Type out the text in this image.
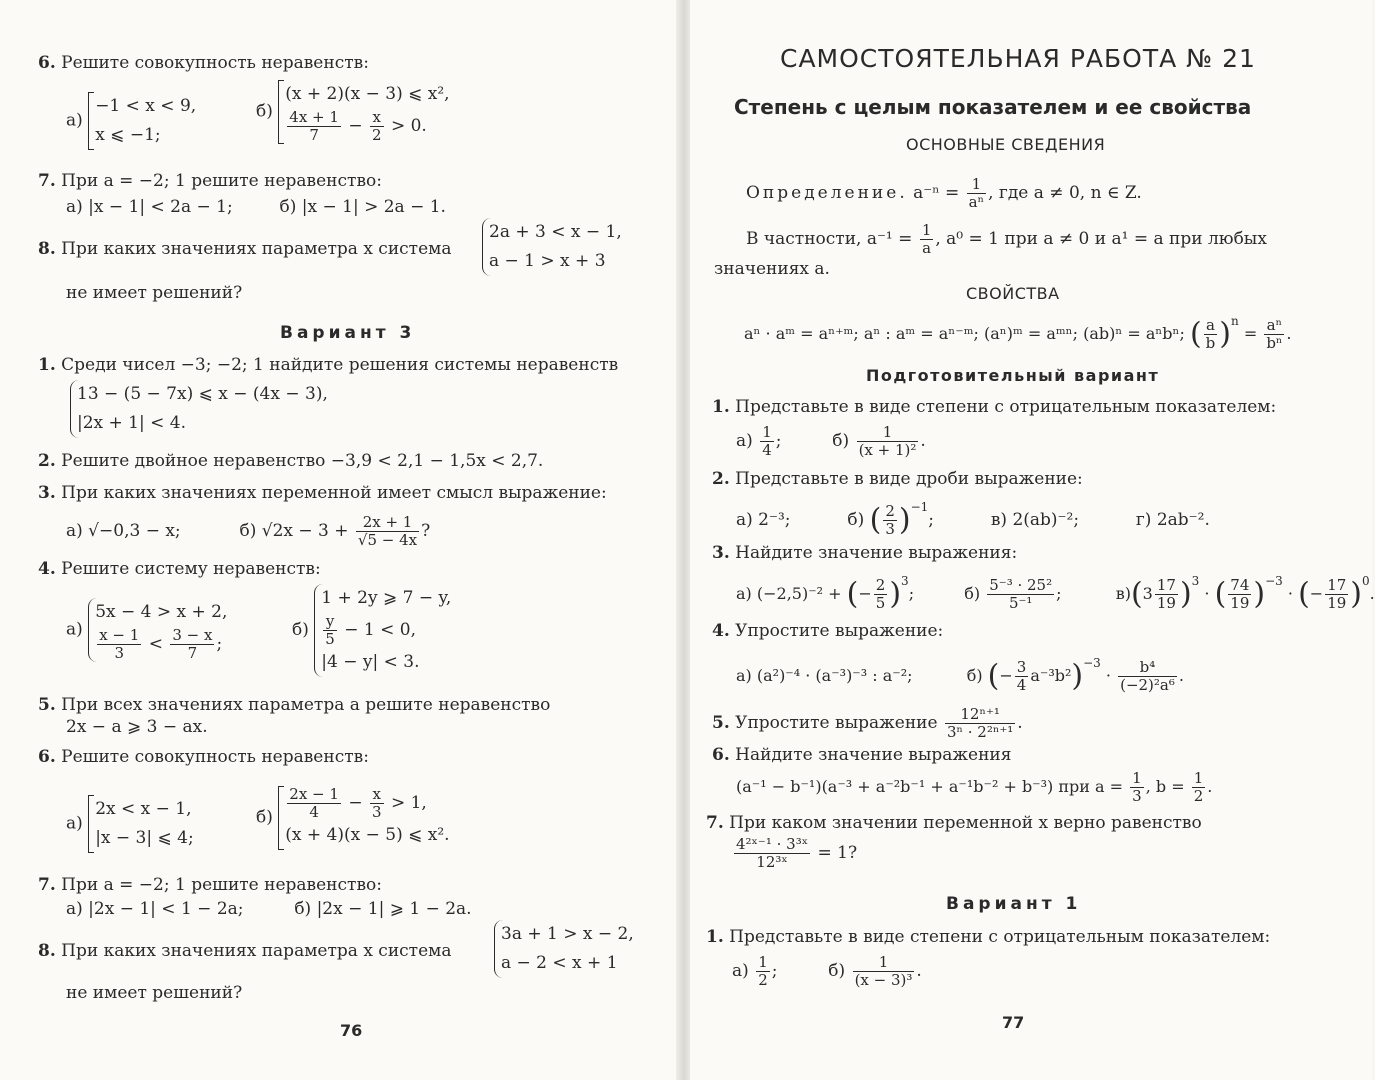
6. Решите совокупность неравенств:
а)
−1 < x < 9,
x ⩽ −1;
б)
(x + 2)(x − 3) ⩽ x²,
$\frac{4x + 1}{7} - \frac{x}{2} > 0$.
7. При a = −2; 1 решите неравенство:
а) |x − 1| < 2a − 1;	б) |x − 1| > 2a − 1.
8. При каких значениях параметра x система
2a + 3 < x − 1,
a − 1 > x + 3
не имеет решений?
Вариант 3
1. Среди чисел −3; −2; 1 найдите решения системы неравенств
13 − (5 − 7x) ⩽ x − (4x − 3),
|2x + 1| < 4.
2. Решите двойное неравенство −3,9 < 2,1 − 1,5x < 2,7.
3. При каких значениях переменной имеет смысл выражение:
а) √−0,3 − x;	б) $√2x - 3 + \frac{2x + 1}{√5 - 4x}$ ?
4. Решите систему неравенств:
а)
5x − 4 > x + 2,
$\frac{x - 1}{3} < \frac{3 - x}{7}$ ;
б)
1 + 2y ⩾ 7 − y,
$\frac{y}{5} - 1 < 0$,
|4 − y| < 3.
5. При всех значениях параметра a решите неравенство
2x − a ⩾ 3 − ax.
6. Решите совокупность неравенств:
а)
2x < x − 1,
|x − 3| ⩽ 4;
$б) \frac{2x - 1}{4} - \frac{x}{3} > 1$,
(x + 4)(x − 5) ⩽ x².
7. При a = −2; 1 решите неравенство:
а) |2x − 1| < 1 − 2a;	б) |2x − 1| ⩾ 1 − 2a.
8. При каких значениях параметра x система
3a + 1 > x − 2,
a − 2 < x + 1
не имеет решений?
76
САМОСТОЯТЕЛЬНАЯ РАБОТА № 21
Степень с целым показателем и ее свойства
ОСНОВНЫЕ СВЕДЕНИЯ
Определение. $a^{-n} = \frac{1}{\text{aⁿ}}$ , где a ≠ 0, n ∈ Z.
В частности, $a^{-1} = \frac{1}{a}$ , a⁰ = 1 при a ≠ 0 и a¹ = a при любых
значениях a.
СВОЙСТВА
aⁿ · aᵐ = aⁿ⁺ᵐ; aⁿ : aᵐ = aⁿ⁻ᵐ; (aⁿ)ᵐ = aᵐⁿ; (ab)ⁿ = aⁿbⁿ; ( $\frac{a}{b} )^n = \frac{\text{aⁿ}}{\text{bⁿ}}$ .
Подготовительный вариант
1. Представьте в виде степени с отрицательным показателем:
$а) \frac{1}{4}$ ;	$б) \frac{1}{\text{(x + 1)²}}$ .
2. Представьте в виде дроби выражение:
а) 2⁻³;	б) ( $\frac{2}{3} )^{-1}$;	в) 2(ab)⁻²;	г) 2ab⁻².
3. Найдите значение выражения:
а) (−2,5)⁻² + (− $\frac{2}{5} )^3$;	$б) \frac{\text{5⁻³ · 25²}}{\text{5⁻¹}}$ ;	$в)(3 \frac{17}{19} )^3$ · ( $\frac{74}{19} )^{-3}$ · (− $\frac{17}{19} )^0$.
4. Упростите выражение:
а) (a²)⁻⁴ · (a⁻³)⁻³ : a⁻²;	б) (− $\frac{3}{4} a^{-3}b^2)^{-3} \cdot \frac{\text{b⁴}}{\text{(−2)²a⁶}}$ .
5. Упростите выражение $\frac{\text{12ⁿ⁺¹}}{\text{3ⁿ · 2²ⁿ⁺¹}}$ .
6. Найдите значение выражения
(a⁻¹ − b⁻¹)(a⁻³ + a⁻²b⁻¹ + a⁻¹b⁻² + b⁻³) при $a = \frac{1}{3}$ , $b = \frac{1}{2}$ .
7. При каком значении переменной x верно равенство
$\frac{\text{4²ˣ⁻¹ · 3³ˣ}}{\text{12³ˣ}} = 1$?
Вариант 1
1. Представьте в виде степени с отрицательным показателем:
$а) \frac{1}{2}$ ;	$б) \frac{1}{\text{(x − 3)³}}$ .
77
